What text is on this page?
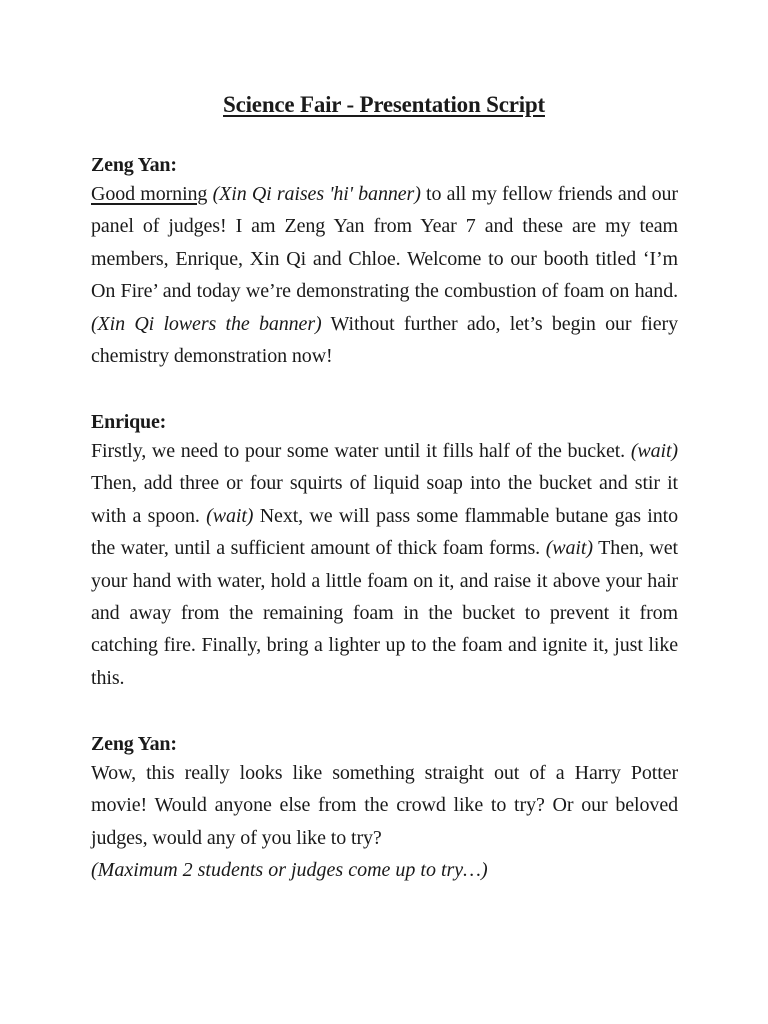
Science Fair - Presentation Script

Zeng Yan:

Good morning (Xin Qi raises 'hi' banner) to all my fellow friends and our panel of judges! I am Zeng Yan from Year 7 and these are my team members, Enrique, Xin Qi and Chloe. Welcome to our booth titled ‘I’m On Fire’ and today we’re demonstrating the combustion of foam on hand. (Xin Qi lowers the banner) Without further ado, let’s begin our fiery chemistry demonstration now!

Enrique:

Firstly, we need to pour some water until it fills half of the bucket. (wait) Then, add three or four squirts of liquid soap into the bucket and stir it with a spoon. (wait) Next, we will pass some flammable butane gas into the water, until a sufficient amount of thick foam forms. (wait) Then, wet your hand with water, hold a little foam on it, and raise it above your hair and away from the remaining foam in the bucket to prevent it from catching fire. Finally, bring a lighter up to the foam and ignite it, just like this.

Zeng Yan:

Wow, this really looks like something straight out of a Harry Potter movie! Would anyone else from the crowd like to try? Or our beloved judges, would any of you like to try?

(Maximum 2 students or judges come up to try…)
